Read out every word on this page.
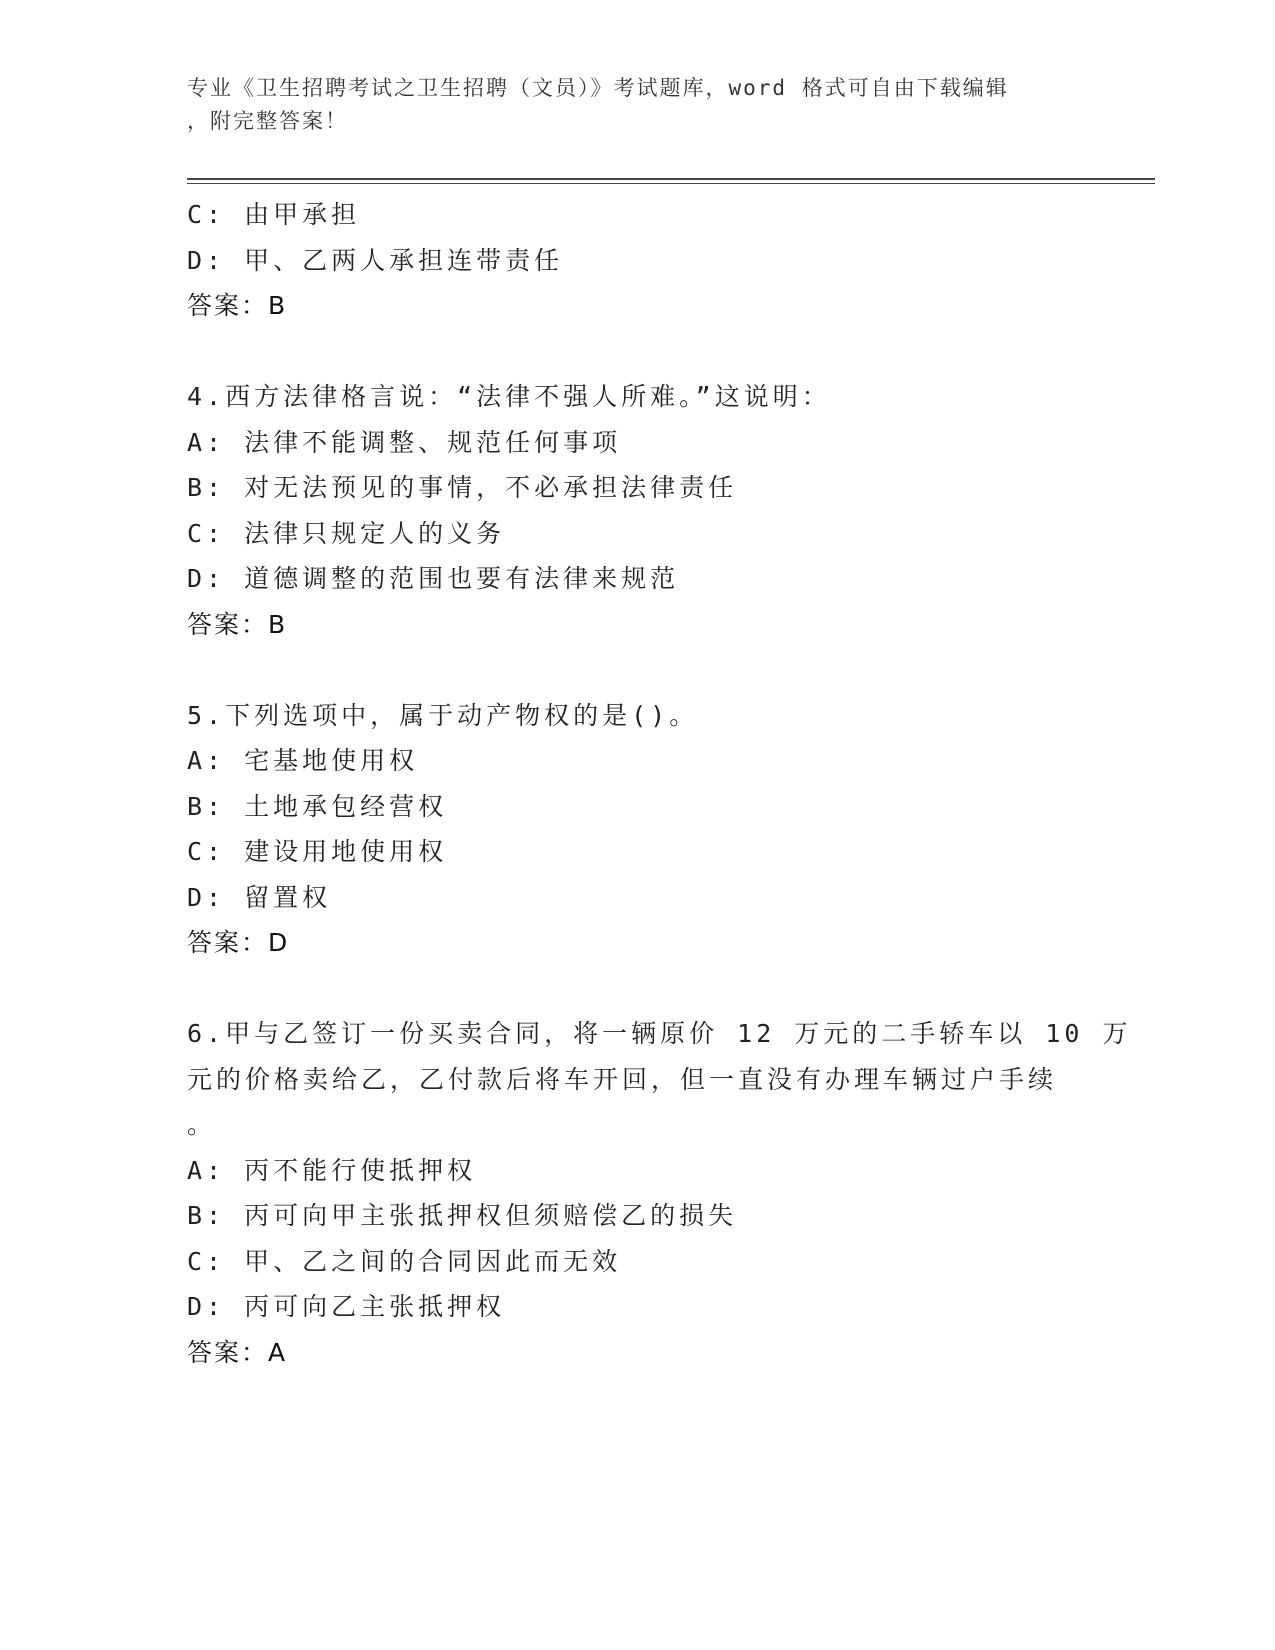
专业《卫生招聘考试之卫生招聘（文员）》考试题库，word 格式可自由下载编辑
，附完整答案！
C: 由甲承担
D: 甲、乙两人承担连带责任
答案：B
4.西方法律格言说：“法律不强人所难。”这说明：
A: 法律不能调整、规范任何事项
B: 对无法预见的事情，不必承担法律责任
C: 法律只规定人的义务
D: 道德调整的范围也要有法律来规范
答案：B
5.下列选项中，属于动产物权的是()。
A: 宅基地使用权
B: 土地承包经营权
C: 建设用地使用权
D: 留置权
答案：D
6.甲与乙签订一份买卖合同，将一辆原价 12 万元的二手轿车以 10 万
元的价格卖给乙，乙付款后将车开回，但一直没有办理车辆过户手续
。
A: 丙不能行使抵押权
B: 丙可向甲主张抵押权但须赔偿乙的损失
C: 甲、乙之间的合同因此而无效
D: 丙可向乙主张抵押权
答案：A
